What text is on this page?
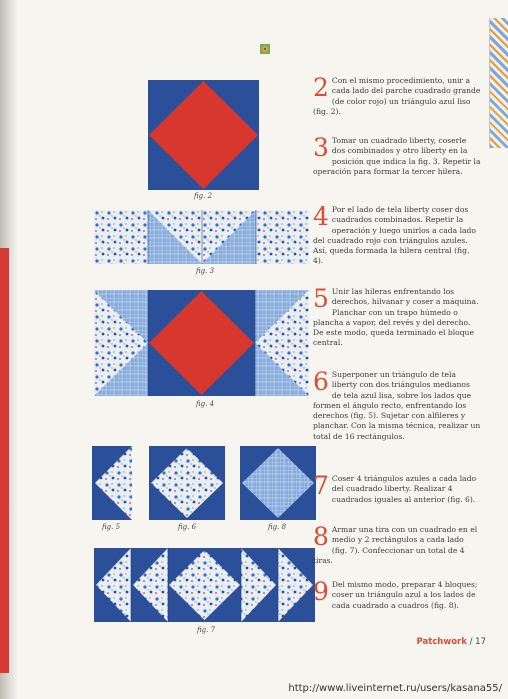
fig. 2
fig. 3
fig. 4
fig. 5	fig. 6	fig. 8
fig. 7
2 Con el mismo procedimiento, unir a cada lado del parche cuadrado grande (de color rojo) un triángulo azul liso (fig. 2).
3 Tomar un cuadrado liberty, coserle dos combinados y otro liberty en la posición que indica la fig. 3. Repetir la operación para formar la tercer hilera.
4 Por el lado de tela liberty coser dos cuadrados combinados. Repetir la operación y luego unirlos a cada lado del cuadrado rojo con triángulos azules. Así, queda formada la hilera central (fig. 4).
5 Unir las hileras enfrentando los derechos, hilvanar y coser a máquina. Planchar con un trapo húmedo o plancha a vapor, del revés y del derecho. De este modo, queda terminado el bloque central.
6 Superponer un triángulo de tela liberty con dos triángulos medianos de tela azul lisa, sobre los lados que formen el ángulo recto, enfrentando los derechos (fig. 5). Sujetar con alfileres y planchar. Con la misma técnica, realizar un total de 16 rectángulos.
7 Coser 4 triángulos azules a cada lado del cuadrado liberty. Realizar 4 cuadrados iguales al anterior (fig. 6).
8 Armar una tira con un cuadrado en el medio y 2 rectángulos a cada lado (fig. 7). Confeccionar un total de 4 tiras.
9 Del mismo modo, preparar 4 bloques; coser un triángulo azul a los lados de cada cuadrado a cuadros (fig. 8).
Patchwork / 17
http://www.liveinternet.ru/users/kasana55/
